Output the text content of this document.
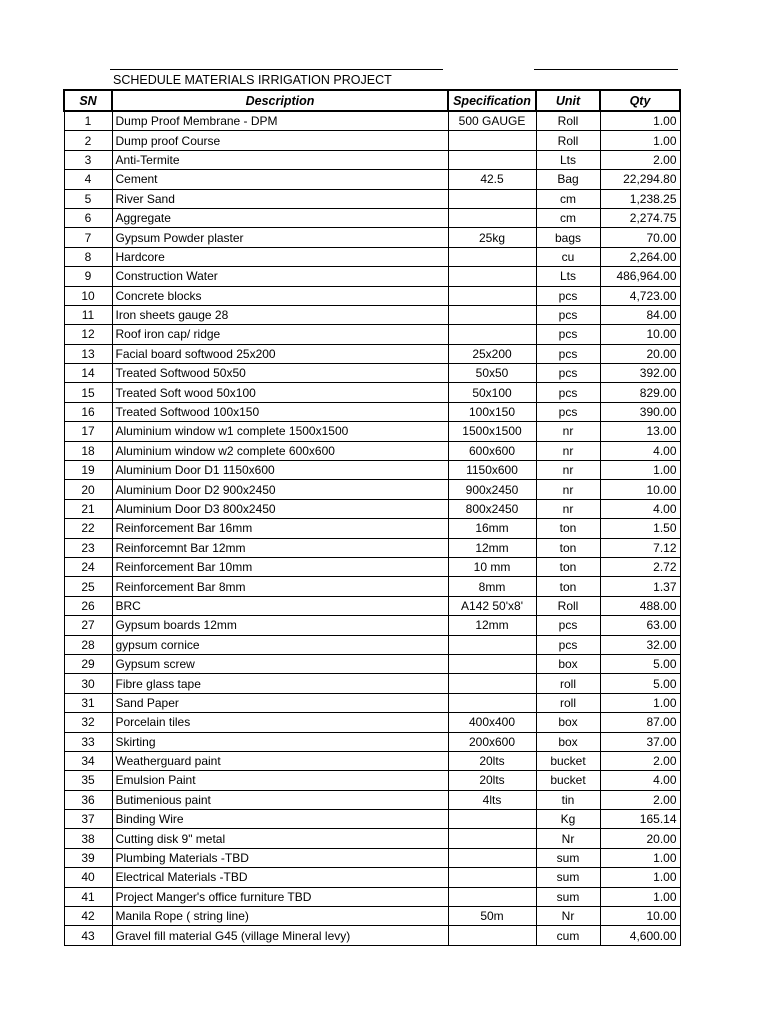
SCHEDULE MATERIALS IRRIGATION PROJECT
SN	Description	Specification	Unit	Qty
1	Dump Proof Membrane - DPM	500 GAUGE	Roll	1.00
2	Dump proof Course		Roll	1.00
3	Anti-Termite		Lts	2.00
4	Cement	42.5	Bag	22,294.80
5	River Sand		cm	1,238.25
6	Aggregate		cm	2,274.75
7	Gypsum Powder plaster	25kg	bags	70.00
8	Hardcore		cu	2,264.00
9	Construction Water		Lts	486,964.00
10	Concrete blocks		pcs	4,723.00
11	Iron sheets gauge 28		pcs	84.00
12	Roof iron cap/ ridge		pcs	10.00
13	Facial board softwood 25x200	25x200	pcs	20.00
14	Treated Softwood 50x50	50x50	pcs	392.00
15	Treated Soft wood 50x100	50x100	pcs	829.00
16	Treated Softwood 100x150	100x150	pcs	390.00
17	Aluminium window w1 complete 1500x1500	1500x1500	nr	13.00
18	Aluminium window w2 complete 600x600	600x600	nr	4.00
19	Aluminium Door D1 1150x600	1150x600	nr	1.00
20	Aluminium Door D2 900x2450	900x2450	nr	10.00
21	Aluminium Door D3 800x2450	800x2450	nr	4.00
22	Reinforcement Bar 16mm	16mm	ton	1.50
23	Reinforcemnt Bar 12mm	12mm	ton	7.12
24	Reinforcement Bar 10mm	10 mm	ton	2.72
25	Reinforcement Bar 8mm	8mm	ton	1.37
26	BRC	A142 50'x8'	Roll	488.00
27	Gypsum boards 12mm	12mm	pcs	63.00
28	gypsum cornice		pcs	32.00
29	Gypsum screw		box	5.00
30	Fibre glass tape		roll	5.00
31	Sand Paper		roll	1.00
32	Porcelain tiles	400x400	box	87.00
33	Skirting	200x600	box	37.00
34	Weatherguard paint	20lts	bucket	2.00
35	Emulsion Paint	20lts	bucket	4.00
36	Butimenious paint	4lts	tin	2.00
37	Binding Wire		Kg	165.14
38	Cutting disk 9" metal		Nr	20.00
39	Plumbing Materials -TBD		sum	1.00
40	Electrical Materials -TBD		sum	1.00
41	Project Manger's office furniture TBD		sum	1.00
42	Manila Rope ( string line)	50m	Nr	10.00
43	Gravel fill material G45 (village Mineral levy)		cum	4,600.00
